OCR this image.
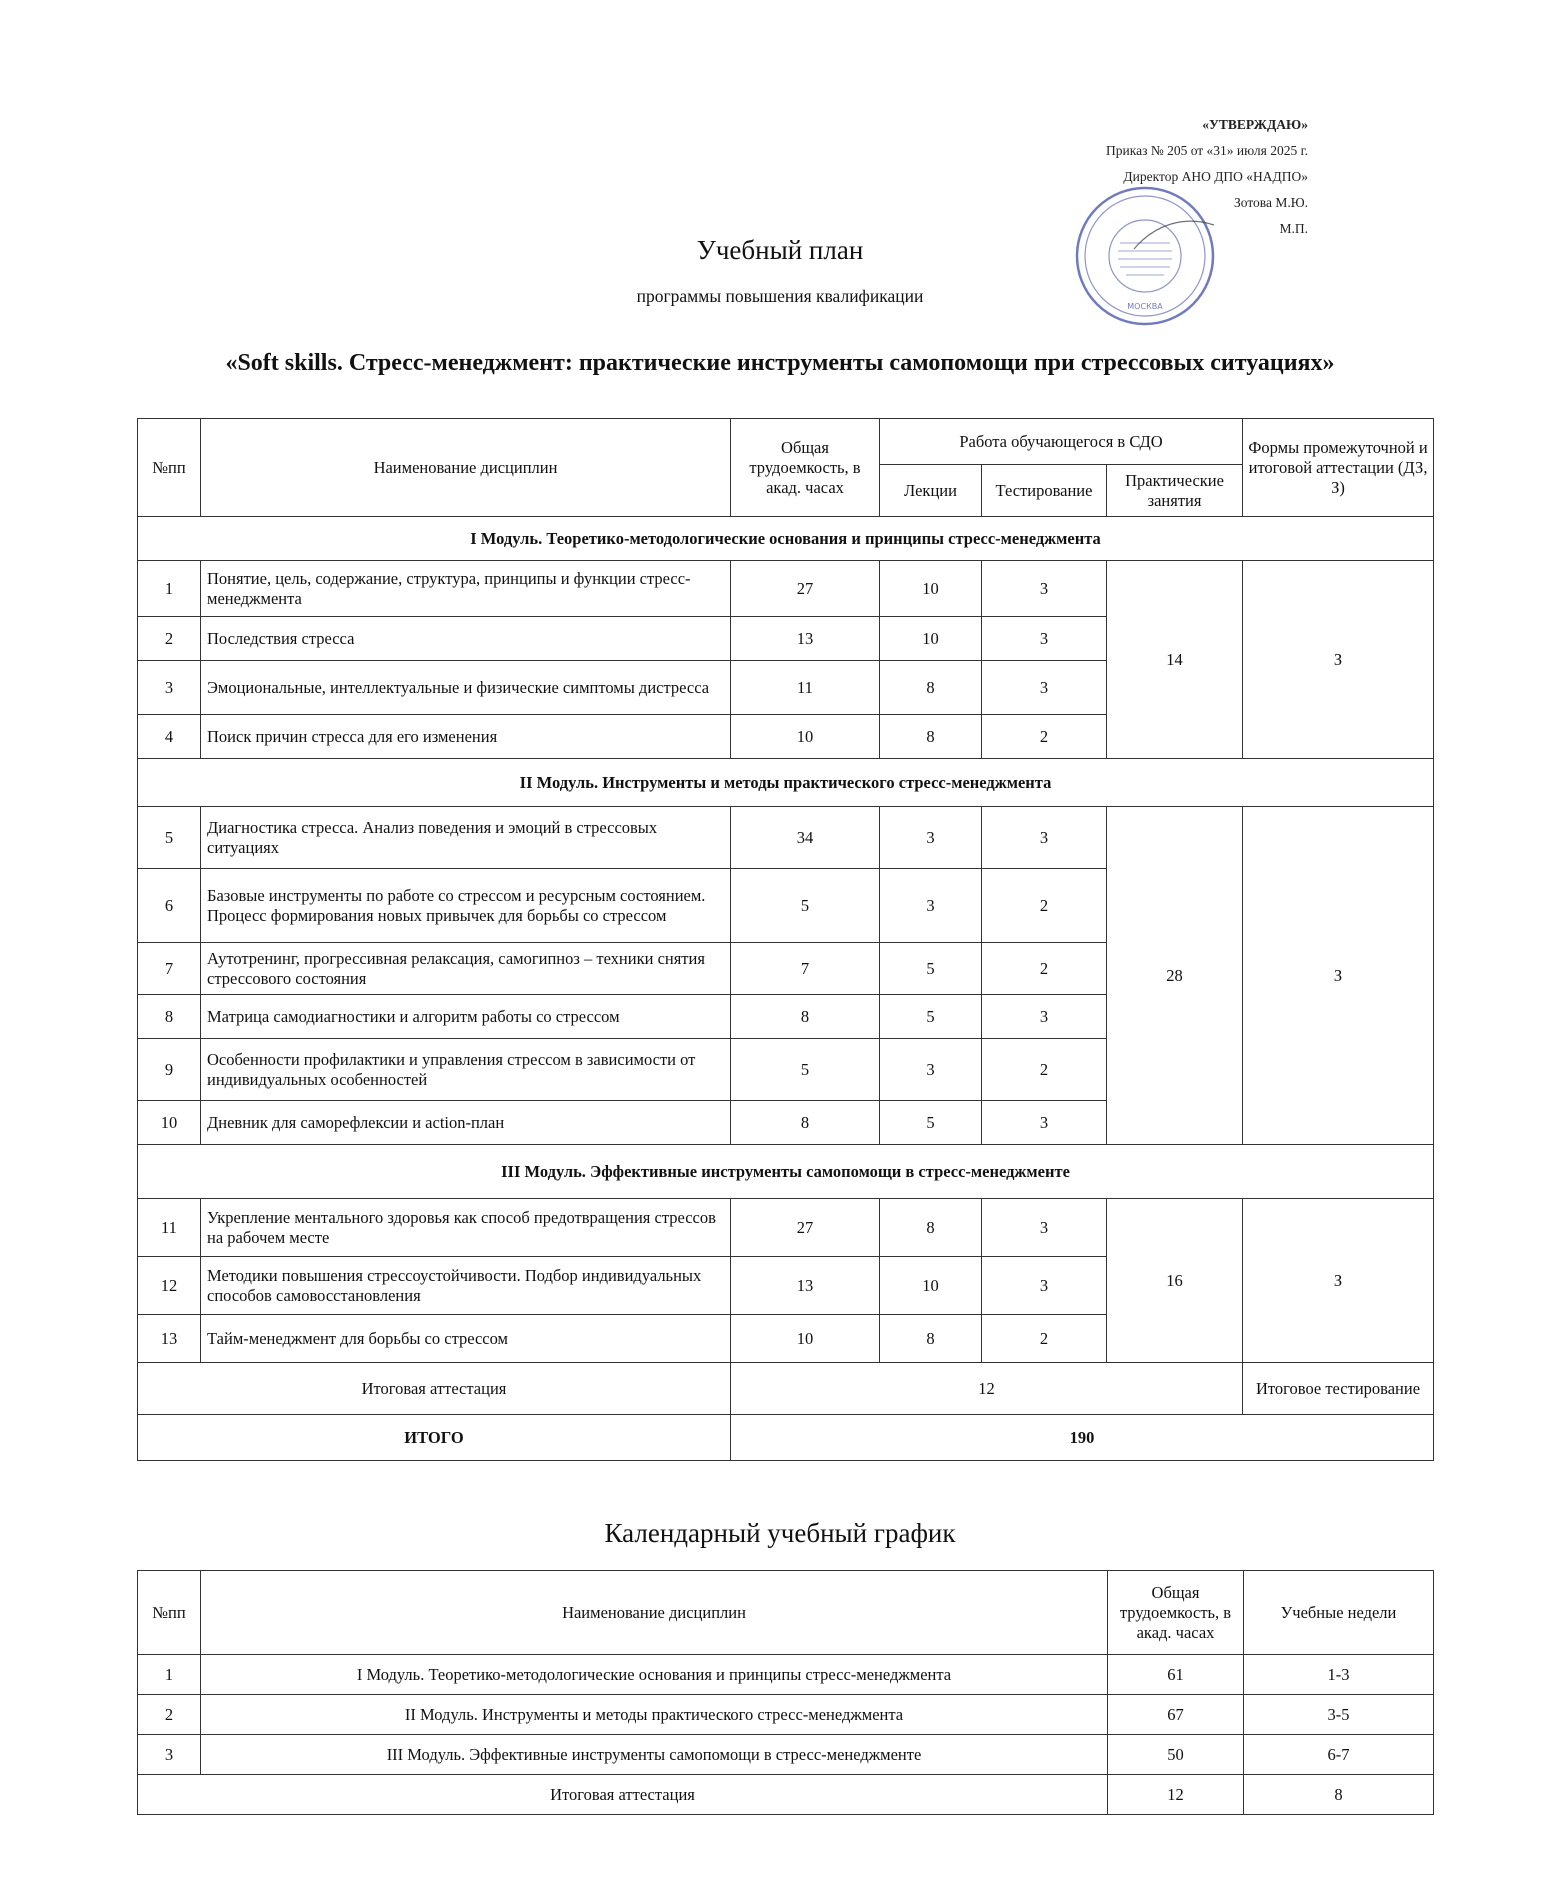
«УТВЕРЖДАЮ»
Приказ № 205 от «31» июля 2025 г.
Директор АНО ДПО «НАДПО»
Зотова М.Ю.
М.П.
МОСКВА
Учебный план
программы повышения квалификации
«Soft skills. Стресс-менеджмент: практические инструменты самопомощи при стрессовых ситуациях»
№пп	Наименование дисциплин	Общая трудоемкость, в акад. часах	Работа обучающегося в СДО			Формы промежуточной и итоговой аттестации (ДЗ, З)
			Лекции	Тестирование	Практические занятия	
I Модуль. Теоретико-методологические основания и принципы стресс-менеджмента						
1	Понятие, цель, содержание, структура, принципы и функции стресс-менеджмента	27	10	3	14	З
2	Последствия стресса	13	10	3		
3	Эмоциональные, интеллектуальные и физические симптомы дистресса	11	8	3		
4	Поиск причин стресса для его изменения	10	8	2		
II Модуль. Инструменты и методы практического стресс-менеджмента						
5	Диагностика стресса. Анализ поведения и эмоций в стрессовых ситуациях	34	3	3	28	З
6	Базовые инструменты по работе со стрессом и ресурсным состоянием. Процесс формирования новых привычек для борьбы со стрессом	5	3	2		
7	Аутотренинг, прогрессивная релаксация, самогипноз – техники снятия стрессового состояния	7	5	2		
8	Матрица самодиагностики и алгоритм работы со стрессом	8	5	3		
9	Особенности профилактики и управления стрессом в зависимости от индивидуальных особенностей	5	3	2		
10	Дневник для саморефлексии и action-план	8	5	3		
III Модуль. Эффективные инструменты самопомощи в стресс-менеджменте						
11	Укрепление ментального здоровья как способ предотвращения стрессов на рабочем месте	27	8	3	16	З
12	Методики повышения стрессоустойчивости. Подбор индивидуальных способов самовосстановления	13	10	3		
13	Тайм-менеджмент для борьбы со стрессом	10	8	2		
Итоговая аттестация		12				Итоговое тестирование
ИТОГО		190				
Календарный учебный график
№пп	Наименование дисциплин	Общая трудоемкость, в акад. часах	Учебные недели
1	I Модуль. Теоретико-методологические основания и принципы стресс-менеджмента	61	1-3
2	II Модуль. Инструменты и методы практического стресс-менеджмента	67	3-5
3	III Модуль. Эффективные инструменты самопомощи в стресс-менеджменте	50	6-7
Итоговая аттестация		12	8
